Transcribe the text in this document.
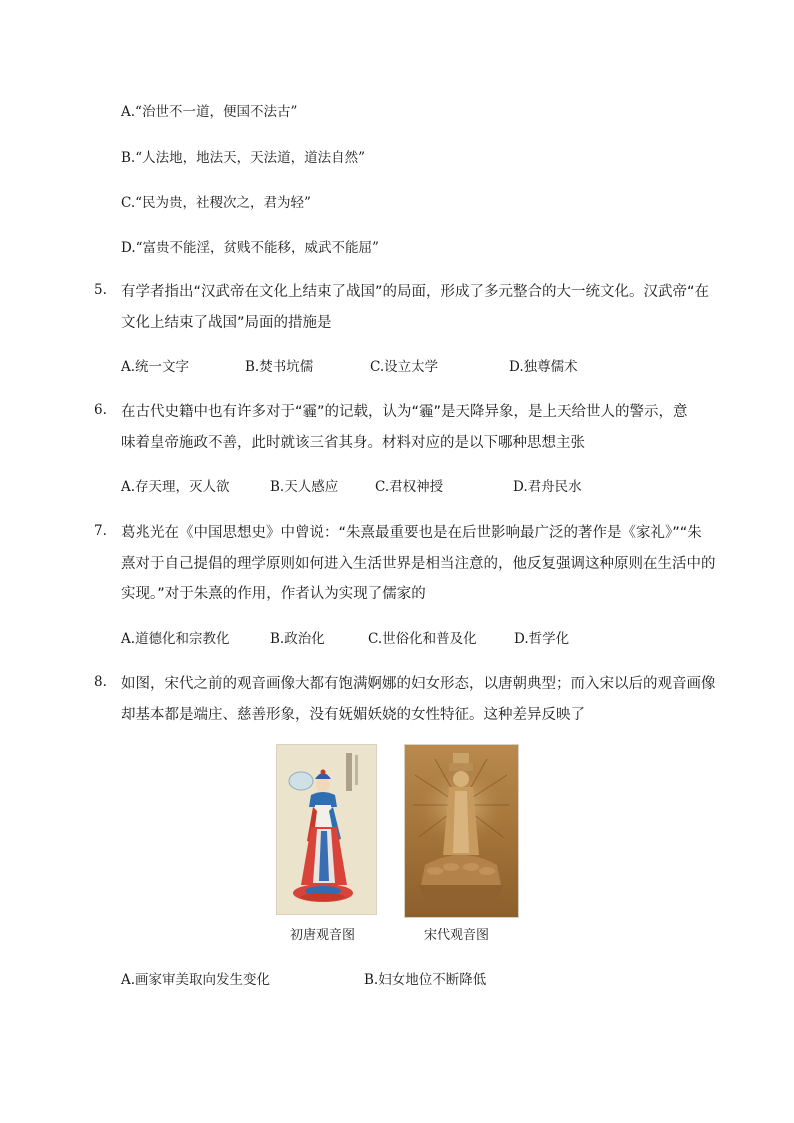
A.“治世不一道，便国不法古”
B.“人法地，地法天，天法道，道法自然”
C.“民为贵，社稷次之，君为轻”
D.“富贵不能淫，贫贱不能移，威武不能屈”
5. 有学者指出“汉武帝在文化上结束了战国”的局面，形成了多元整合的大一统文化。汉武帝“在
文化上结束了战国”局面的措施是
A.统一文字	B.焚书坑儒	C.设立太学	D.独尊儒术
6. 在古代史籍中也有许多对于“霾”的记载，认为“霾”是天降异象，是上天给世人的警示，意
味着皇帝施政不善，此时就该三省其身。材料对应的是以下哪种思想主张
A.存天理，灭人欲	B.天人感应	C.君权神授	D.君舟民水
7. 葛兆光在《中国思想史》中曾说：“朱熹最重要也是在后世影响最广泛的著作是《家礼》”“朱
熹对于自己提倡的理学原则如何进入生活世界是相当注意的，他反复强调这种原则在生活中的
实现。”对于朱熹的作用，作者认为实现了儒家的
A.道德化和宗教化	B.政治化	C.世俗化和普及化	D.哲学化
8. 如图，宋代之前的观音画像大都有饱满婀娜的妇女形态，以唐朝典型；而入宋以后的观音画像
却基本都是端庄、慈善形象，没有妩媚妖娆的女性特征。这种差异反映了
初唐观音图	宋代观音图
A.画家审美取向发生变化	B.妇女地位不断降低
